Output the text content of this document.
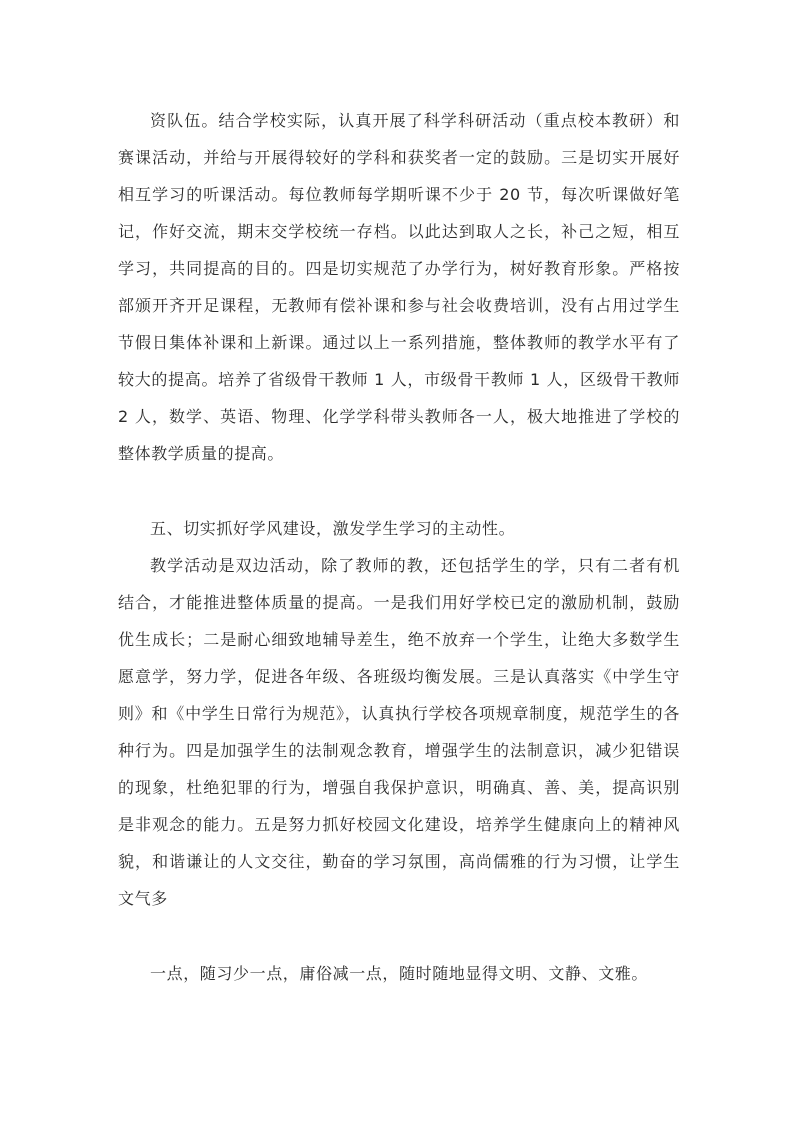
资队伍。结合学校实际，认真开展了科学科研活动（重点校本教研）和赛课活动，并给与开展得较好的学科和获奖者一定的鼓励。三是切实开展好相互学习的听课活动。每位教师每学期听课不少于 20 节，每次听课做好笔记，作好交流，期末交学校统一存档。以此达到取人之长，补己之短，相互学习，共同提高的目的。四是切实规范了办学行为，树好教育形象。严格按部颁开齐开足课程，无教师有偿补课和参与社会收费培训，没有占用过学生节假日集体补课和上新课。通过以上一系列措施，整体教师的教学水平有了较大的提高。培养了省级骨干教师 1 人，市级骨干教师 1 人，区级骨干教师 2 人，数学、英语、物理、化学学科带头教师各一人，极大地推进了学校的整体教学质量的提高。

五、切实抓好学风建设，激发学生学习的主动性。

教学活动是双边活动，除了教师的教，还包括学生的学，只有二者有机结合，才能推进整体质量的提高。一是我们用好学校已定的激励机制，鼓励优生成长；二是耐心细致地辅导差生，绝不放弃一个学生，让绝大多数学生愿意学，努力学，促进各年级、各班级均衡发展。三是认真落实《中学生守则》和《中学生日常行为规范》，认真执行学校各项规章制度，规范学生的各种行为。四是加强学生的法制观念教育，增强学生的法制意识，减少犯错误的现象，杜绝犯罪的行为，增强自我保护意识，明确真、善、美，提高识别是非观念的能力。五是努力抓好校园文化建设，培养学生健康向上的精神风貌，和谐谦让的人文交往，勤奋的学习氛围，高尚儒雅的行为习惯，让学生文气多

一点，随习少一点，庸俗减一点，随时随地显得文明、文静、文雅。
